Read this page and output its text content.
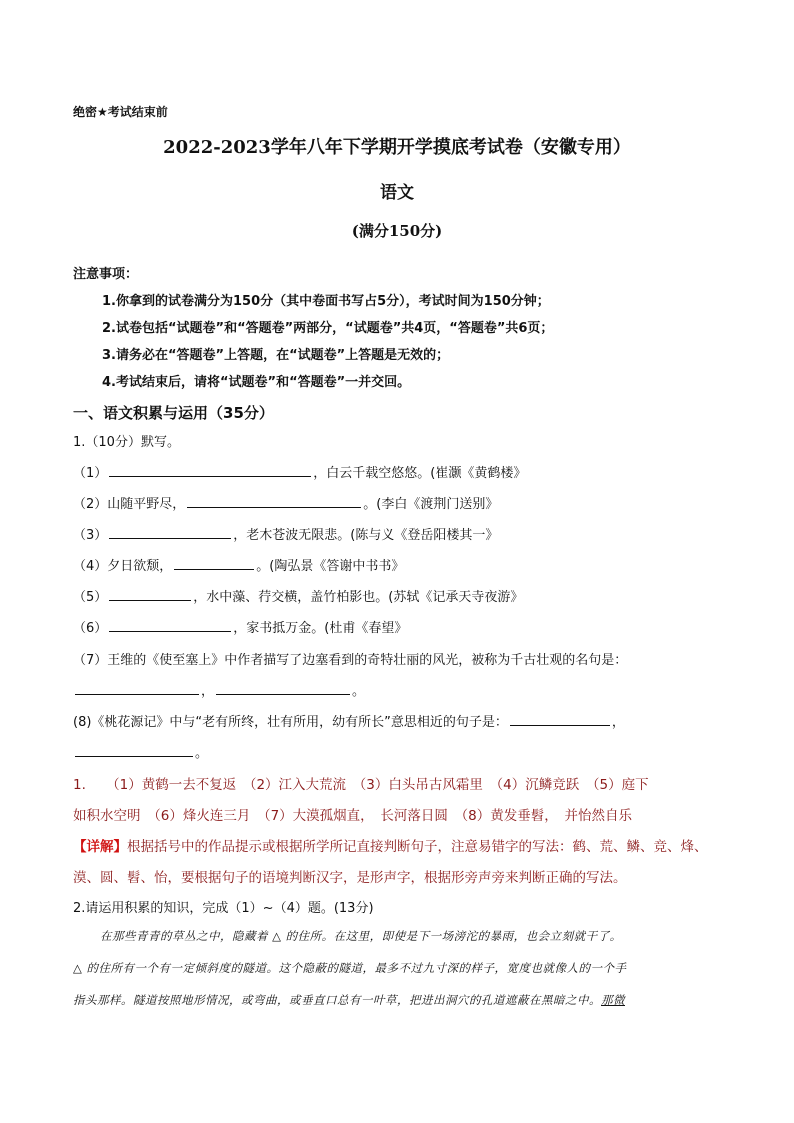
绝密★考试结束前
2022-2023学年八年下学期开学摸底考试卷（安徽专用）
语文
(满分150分)
注意事项：
1.你拿到的试卷满分为150分（其中卷面书写占5分），考试时间为150分钟；
2.试卷包括“试题卷”和“答题卷”两部分，“试题卷”共4页，“答题卷”共6页；
3.请务必在“答题卷”上答题，在“试题卷”上答题是无效的；
4.考试结束后，请将“试题卷”和“答题卷”一并交回。
一、语文积累与运用（35分）
1.（10分）默写。
（1）	，白云千载空悠悠。(崔灏《黄鹤楼》
（2）山随平野尽，	。(李白《渡荆门送别》
（3）	，老木苍波无限悲。(陈与义《登岳阳楼其一》
（4）夕日欲颓，	。(陶弘景《答谢中书书》
（5）	，水中藻、荇交横，盖竹柏影也。(苏轼《记承天寺夜游》
（6）	，家书抵万金。(杜甫《春望》
（7）王维的《使至塞上》中作者描写了边塞看到的奇特壮丽的风光，被称为千古壮观的名句是：
，	。
(8)《桃花源记》中与“老有所终，壮有所用，幼有所长”意思相近的句子是：	，
。
1.　　（1）黄鹤一去不复返　（2）江入大荒流　（3）白头吊古风霜里　（4）沉鳞竞跃　（5）庭下
如积水空明　（6）烽火连三月　（7）大漠孤烟直，　长河落日圆　（8）黄发垂髫，　并怡然自乐
【详解】根据括号中的作品提示或根据所学所记直接判断句子，注意易错字的写法：鹤、荒、鳞、竞、烽、
漠、圆、髫、怡，要根据句子的语境判断汉字，是形声字，根据形旁声旁来判断正确的写法。
2.请运用积累的知识，完成（1）~（4）题。(13分)
在那些青青的草丛之中，隐藏着 △ 的住所。在这里，即使是下一场滂沱的暴雨，也会立刻就干了。
△ 的住所有一个有一定倾斜度的隧道。这个隐蔽的隧道，最多不过九寸深的样子，宽度也就像人的一个手
指头那样。隧道按照地形情况，或弯曲，或垂直口总有一叶草，把进出洞穴的孔道遮蔽在黑暗之中。那微
